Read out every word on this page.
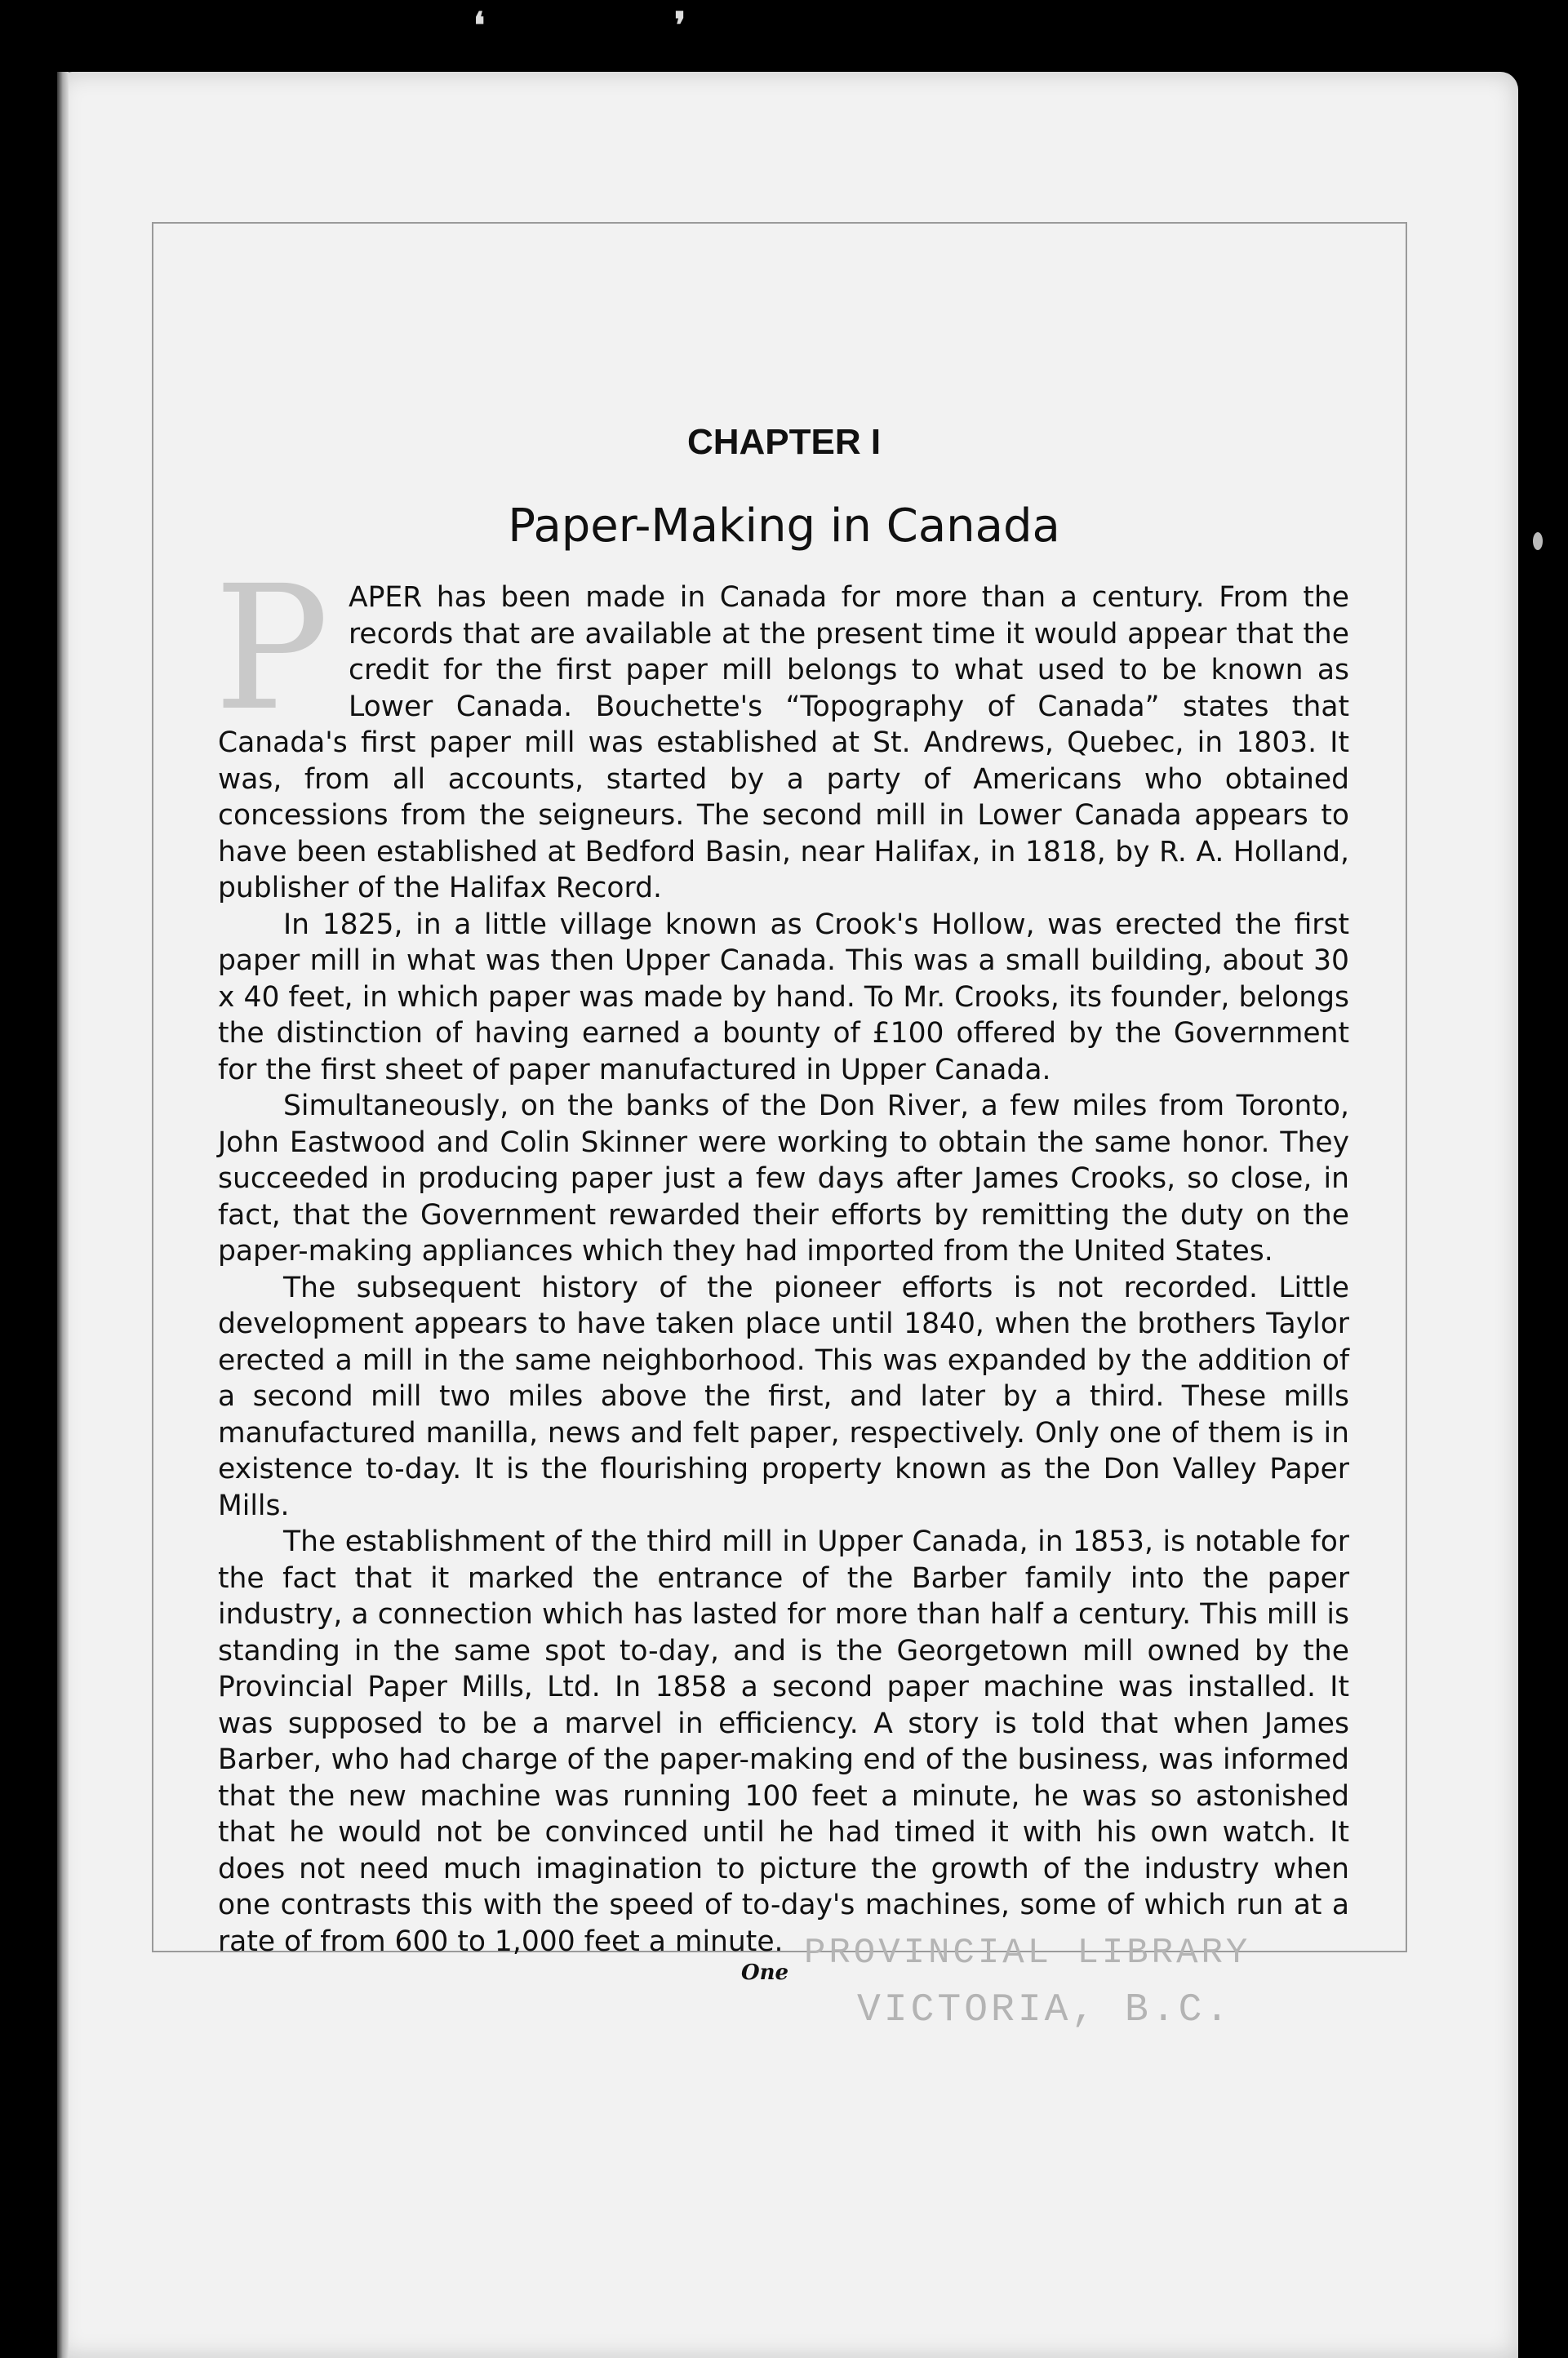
❛	❜
CHAPTER I
Paper-Making in Canada
P APER has been made in Canada for more than a century. From the records that are available at the present time it would appear that the credit for the first paper mill belongs to what used to be known as Lower Canada. Bouchette's “Topography of Canada” states that Canada's first paper mill was established at St. Andrews, Quebec, in 1803. It was, from all accounts, started by a party of Americans who obtained concessions from the seigneurs. The second mill in Lower Canada appears to have been established at Bedford Basin, near Halifax, in 1818, by R. A. Holland, publisher of the Halifax Record.

In 1825, in a little village known as Crook's Hollow, was erected the first paper mill in what was then Upper Canada. This was a small building, about 30 x 40 feet, in which paper was made by hand. To Mr. Crooks, its founder, belongs the distinction of having earned a bounty of £100 offered by the Government for the first sheet of paper manufactured in Upper Canada.

Simultaneously, on the banks of the Don River, a few miles from Toronto, John Eastwood and Colin Skinner were working to obtain the same honor. They succeeded in producing paper just a few days after James Crooks, so close, in fact, that the Government rewarded their efforts by remitting the duty on the paper-making appliances which they had imported from the United States.

The subsequent history of the pioneer efforts is not recorded. Little development appears to have taken place until 1840, when the brothers Taylor erected a mill in the same neighborhood. This was expanded by the addition of a second mill two miles above the first, and later by a third. These mills manufactured manilla, news and felt paper, respectively. Only one of them is in existence to-day. It is the flourishing property known as the Don Valley Paper Mills.

The establishment of the third mill in Upper Canada, in 1853, is notable for the fact that it marked the entrance of the Barber family into the paper industry, a connection which has lasted for more than half a century. This mill is standing in the same spot to-day, and is the Georgetown mill owned by the Provincial Paper Mills, Ltd. In 1858 a second paper machine was installed. It was supposed to be a marvel in efficiency. A story is told that when James Barber, who had charge of the paper-making end of the business, was informed that the new machine was running 100 feet a minute, he was so astonished that he would not be convinced until he had timed it with his own watch. It does not need much imagination to picture the growth of the industry when one contrasts this with the speed of to-day's machines, some of which run at a rate of from 600 to 1,000 feet a minute.

One PROVINCIAL LIBRARY
VICTORIA, B.C.
